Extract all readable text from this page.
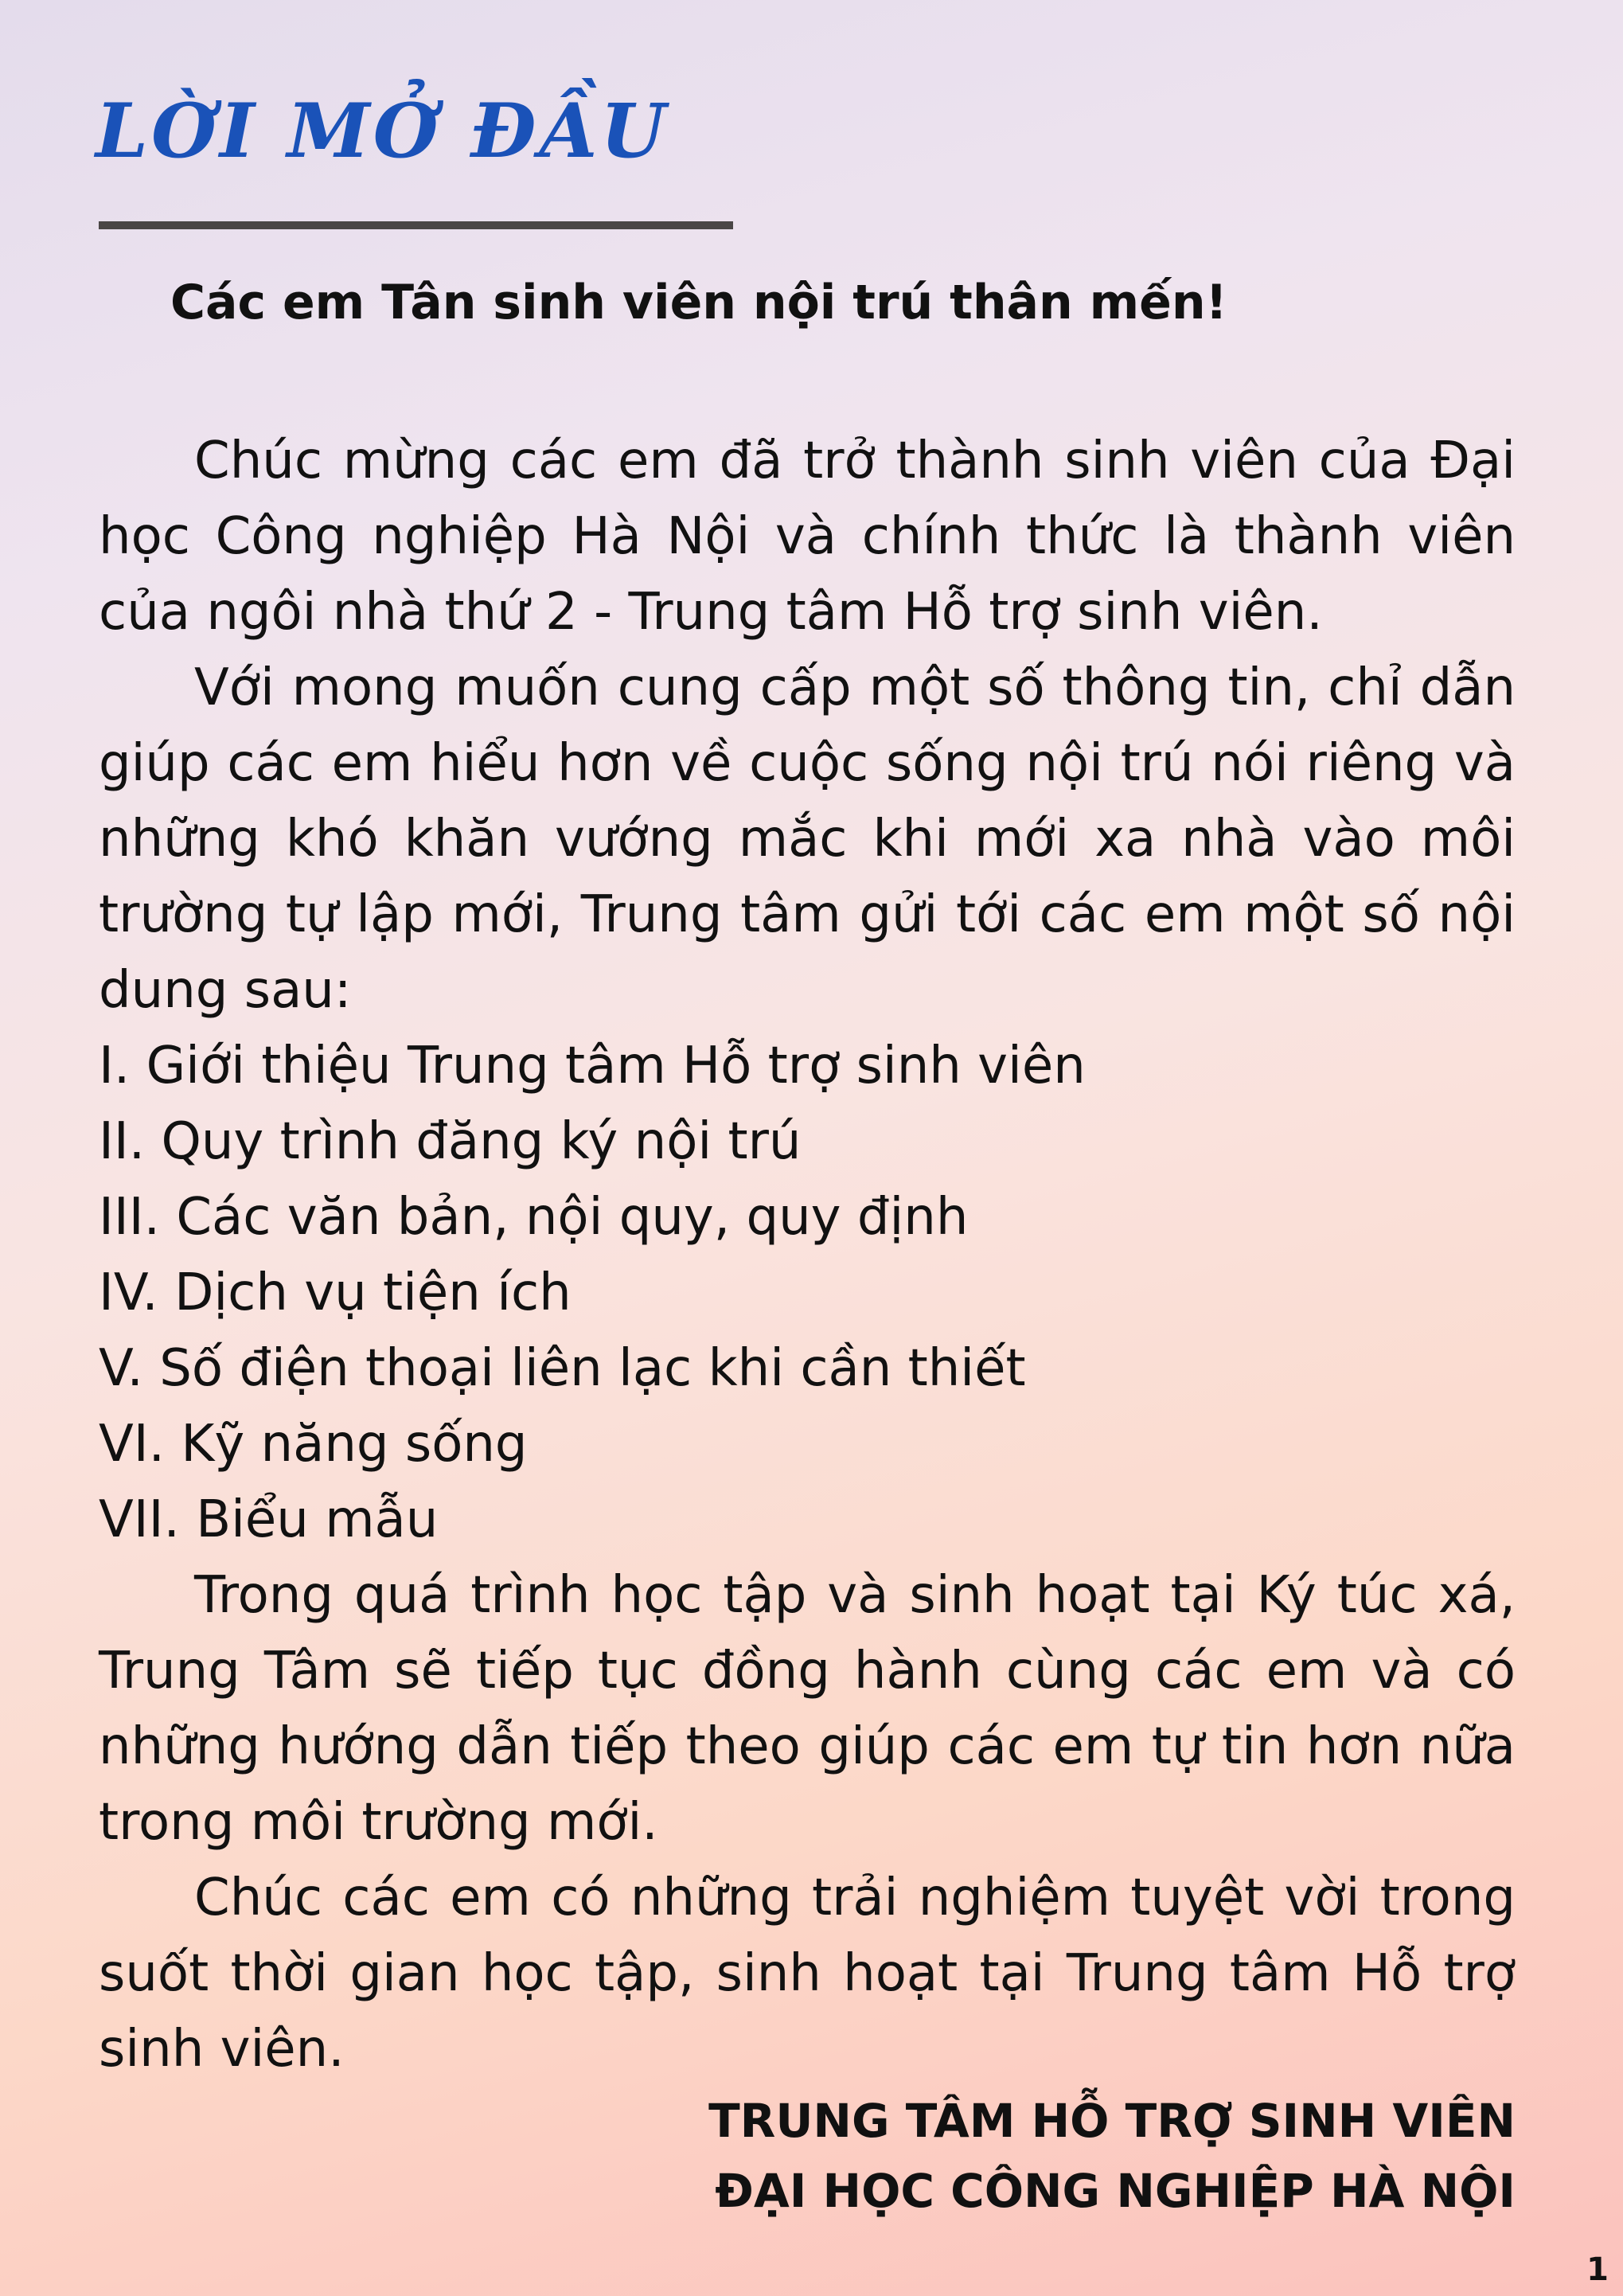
LỜI MỞ ĐẦU

Các em Tân sinh viên nội trú thân mến!

Chúc mừng các em đã trở thành sinh viên của Đại học Công nghiệp Hà Nội và chính thức là thành viên của ngôi nhà thứ 2 - Trung tâm Hỗ trợ sinh viên.

Với mong muốn cung cấp một số thông tin, chỉ dẫn giúp các em hiểu hơn về cuộc sống nội trú nói riêng và những khó khăn vướng mắc khi mới xa nhà vào môi trường tự lập mới, Trung tâm gửi tới các em một số nội dung sau:

I. Giới thiệu Trung tâm Hỗ trợ sinh viên

II. Quy trình đăng ký nội trú

III. Các văn bản, nội quy, quy định

IV. Dịch vụ tiện ích

V. Số điện thoại liên lạc khi cần thiết

VI. Kỹ năng sống

VII. Biểu mẫu

Trong quá trình học tập và sinh hoạt tại Ký túc xá, Trung Tâm sẽ tiếp tục đồng hành cùng các em và có những hướng dẫn tiếp theo giúp các em tự tin hơn nữa trong môi trường mới.

Chúc các em có những trải nghiệm tuyệt vời trong suốt thời gian học tập, sinh hoạt tại Trung tâm Hỗ trợ sinh viên.

TRUNG TÂM HỖ TRỢ SINH VIÊN
ĐẠI HỌC CÔNG NGHIỆP HÀ NỘI
1
